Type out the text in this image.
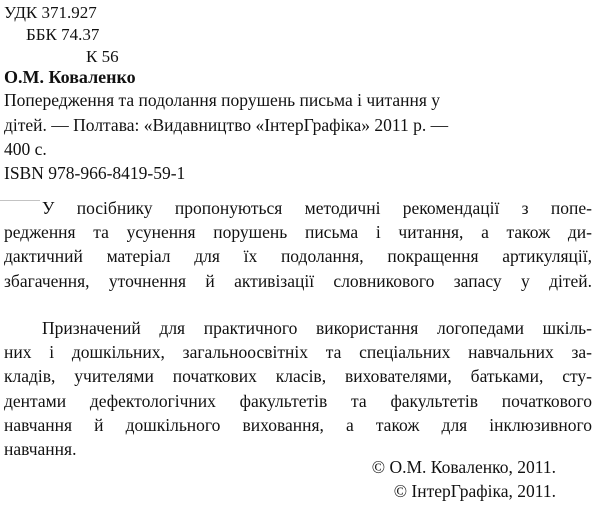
УДК 371.927
ББК 74.37
К 56
О.М. Коваленко
Попередження та подолання порушень письма і читання у
дітей. — Полтава: «Видавництво «ІнтерГрафіка» 2011 р. —
400 с.
ISBN 978-966-8419-59-1
У посібнику пропонуються методичні рекомендації з попе-
редження та усунення порушень письма і читання, а також ди-
дактичний матеріал для їх подолання, покращення артикуляції,
збагачення, уточнення й активізації словникового запасу у дітей.
Призначений для практичного використання логопедами шкіль-
них і дошкільних, загальноосвітніх та спеціальних навчальних за-
кладів, учителями початкових класів, вихователями, батьками, сту-
дентами дефектологічних факультетів та факультетів початкового
навчання й дошкільного виховання, а також для інклюзивного
навчання.
© О.М. Коваленко, 2011.
© ІнтерГрафіка, 2011.
